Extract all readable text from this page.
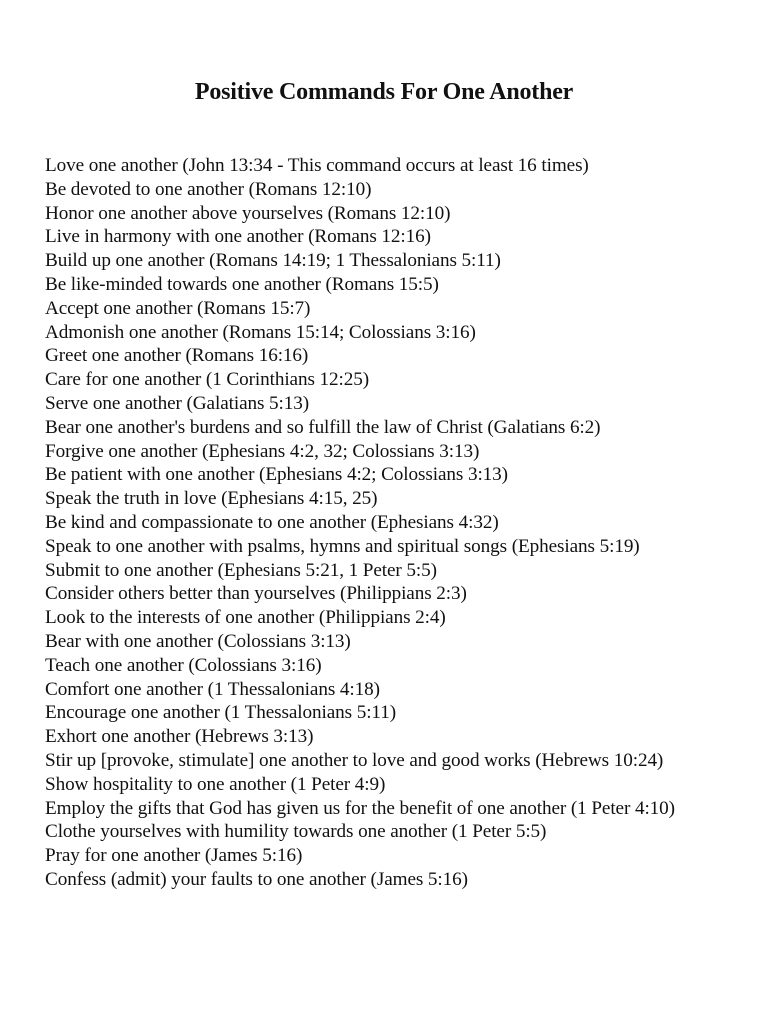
Positive Commands For One Another
Love one another (John 13:34 - This command occurs at least 16 times)
Be devoted to one another (Romans 12:10)
Honor one another above yourselves (Romans 12:10)
Live in harmony with one another (Romans 12:16)
Build up one another (Romans 14:19; 1 Thessalonians 5:11)
Be like-minded towards one another (Romans 15:5)
Accept one another (Romans 15:7)
Admonish one another (Romans 15:14; Colossians 3:16)
Greet one another (Romans 16:16)
Care for one another (1 Corinthians 12:25)
Serve one another (Galatians 5:13)
Bear one another's burdens and so fulfill the law of Christ (Galatians 6:2)
Forgive one another (Ephesians 4:2, 32; Colossians 3:13)
Be patient with one another (Ephesians 4:2; Colossians 3:13)
Speak the truth in love (Ephesians 4:15, 25)
Be kind and compassionate to one another (Ephesians 4:32)
Speak to one another with psalms, hymns and spiritual songs (Ephesians 5:19)
Submit to one another (Ephesians 5:21, 1 Peter 5:5)
Consider others better than yourselves (Philippians 2:3)
Look to the interests of one another (Philippians 2:4)
Bear with one another (Colossians 3:13)
Teach one another (Colossians 3:16)
Comfort one another (1 Thessalonians 4:18)
Encourage one another (1 Thessalonians 5:11)
Exhort one another (Hebrews 3:13)
Stir up [provoke, stimulate] one another to love and good works (Hebrews 10:24)
Show hospitality to one another (1 Peter 4:9)
Employ the gifts that God has given us for the benefit of one another (1 Peter 4:10)
Clothe yourselves with humility towards one another (1 Peter 5:5)
Pray for one another (James 5:16)
Confess (admit) your faults to one another (James 5:16)
